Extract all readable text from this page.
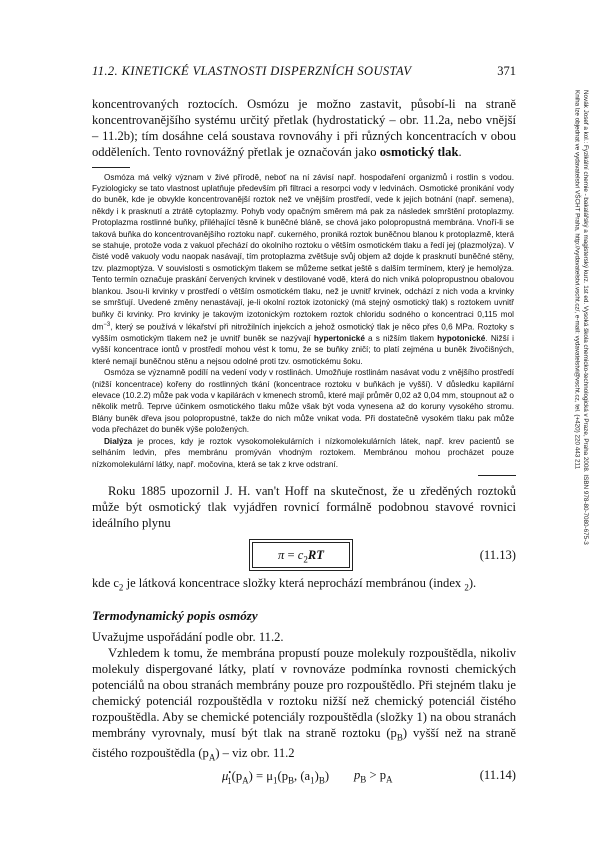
11.2. KINETICKÉ VLASTNOSTI DISPERZNÍCH SOUSTAV	371
Novák Josef a kol.: Fyzikální chemie - bakalářský a magisterský kurz. 1st ed. Vysoká škola chemicko-technologická v Praze, Praha 2008. ISBN 978-80-7080-675-3
Kniha lze objednat ve vydavatelství VŠCHT Praha, http://vydavatelstvi.vscht.cz/, e-mail: vydavatelstvi@vscht.cz, tel. (+420) 220 443 211

koncentrovaných roztocích. Osmózu je možno zastavit, působí-li na straně koncentrovanějšího systému určitý přetlak (hydrostatický – obr. 11.2a, nebo vnější – 11.2b); tím dosáhne celá soustava rovnováhy i při různých koncentracích v obou odděleních. Tento rovnovážný přetlak je označován jako osmotický tlak.

Osmóza má velký význam v živé přírodě, neboť na ní závisí např. hospodaření organizmů i rostlin s vodou. Fyziologicky se tato vlastnost uplatňuje především při filtraci a resorpci vody v ledvinách. Osmotické pronikání vody do buněk, kde je obvykle koncentrovanější roztok než ve vnějším prostředí, vede k jejich botnání (např. semena), někdy i k prasknutí a ztrátě cytoplazmy. Pohyb vody opačným směrem má pak za následek smrštění protoplazmy. Protoplazma rostlinné buňky, přiléhající těsně k buněčné bláně, se chová jako polopropustná membrána. Vnoří-li se taková buňka do koncentrovanějšího roztoku např. cukerného, proniká roztok buněčnou blanou k protoplazmě, která se stahuje, protože voda z vakuol přechází do okolního roztoku o větším osmotickém tlaku a ředí jej (plazmolýza). V čisté vodě vakuoly vodu naopak nasávají, tím protoplazma zvětšuje svůj objem až dojde k prasknutí buněčné stěny, tzv. plazmoptýza. V souvislosti s osmotickým tlakem se můžeme setkat ještě s dalším termínem, který je hemolýza. Tento termín označuje praskání červených krvinek v destilované vodě, která do nich vniká polopropustnou obalovou blankou. Jsou-li krvinky v prostředí o větším osmotickém tlaku, než je uvnitř krvinek, odchází z nich voda a krvinky se smršťují. Uvedené změny nenastávají, je-li okolní roztok izotonický (má stejný osmotický tlak) s roztokem uvnitř buňky či krvinky. Pro krvinky je takovým izotonickým roztokem roztok chloridu sodného o koncentraci 0,115 mol $dm^{-3}$, který se používá v lékařství při nitrožilních injekcích a jehož osmotický tlak je něco přes 0,6 MPa. Roztoky s vyšším osmotickým tlakem než je uvnitř buněk se nazývají hypertonické a s nižším tlakem hypotonické. Nižší i vyšší koncentrace iontů v prostředí mohou vést k tomu, že se buňky zničí; to platí zejména u buněk živočišných, které nemají buněčnou stěnu a nejsou odolné proti tzv. osmotickému šoku.

Osmóza se významně podílí na vedení vody v rostlinách. Umožňuje rostlinám nasávat vodu z vnějšího prostředí (nižší koncentrace) kořeny do rostlinných tkání (koncentrace roztoku v buňkách je vyšší). V důsledku kapilární elevace (10.2.2) může pak voda v kapilárách v kmenech stromů, které mají průměr 0,02 až 0,04 mm, stoupnout až o několik metrů. Teprve účinkem osmotického tlaku může však být voda vynesena až do koruny vysokého stromu. Blány buněk dřeva jsou polopropustné, takže do nich může vnikat voda. Při dostatečně vysokém tlaku pak může voda přecházet do buněk výše položených.

Dialýza je proces, kdy je roztok vysokomolekulárních i nízkomolekulárních látek, např. krev pacientů se selháním ledvin, přes membránu promýván vhodným roztokem. Membránou mohou procházet pouze nízkomolekulární látky, např. močovina, která se tak z krve odstraní.

Roku 1885 upozornil J. H. van't Hoff na skutečnost, že u zředěných roztoků může být osmotický tlak vyjádřen rovnicí formálně podobnou stavové rovnici ideálního plynu

$\pi = c_2RT$	(11.13)

kde $c_2$ je látková koncentrace složky která neprochází membránou (index $_2$).

Termodynamický popis osmózy

Uvažujme uspořádání podle obr. 11.2.

Vzhledem k tomu, že membrána propustí pouze molekuly rozpouštědla, nikoliv molekuly dispergované látky, platí v rovnováze podmínka rovnosti chemických potenciálů na obou stranách membrány pouze pro rozpouštědlo. Při stejném tlaku je chemický potenciál rozpouštědla v roztoku nižší než chemický potenciál čistého rozpouštědla. Aby se chemické potenciály rozpouštědla (složky 1) na obou stranách membrány vyrovnaly, musí být tlak na straně roztoku $(p_B)$ vyšší než na straně čistého rozpouštědla $(p_A)$ – viz obr. 11.2

$\mu^•_1(p_A) = \mu_1(p_B$, $(a_1)_B$) $p_B > p_A$	(11.14)
